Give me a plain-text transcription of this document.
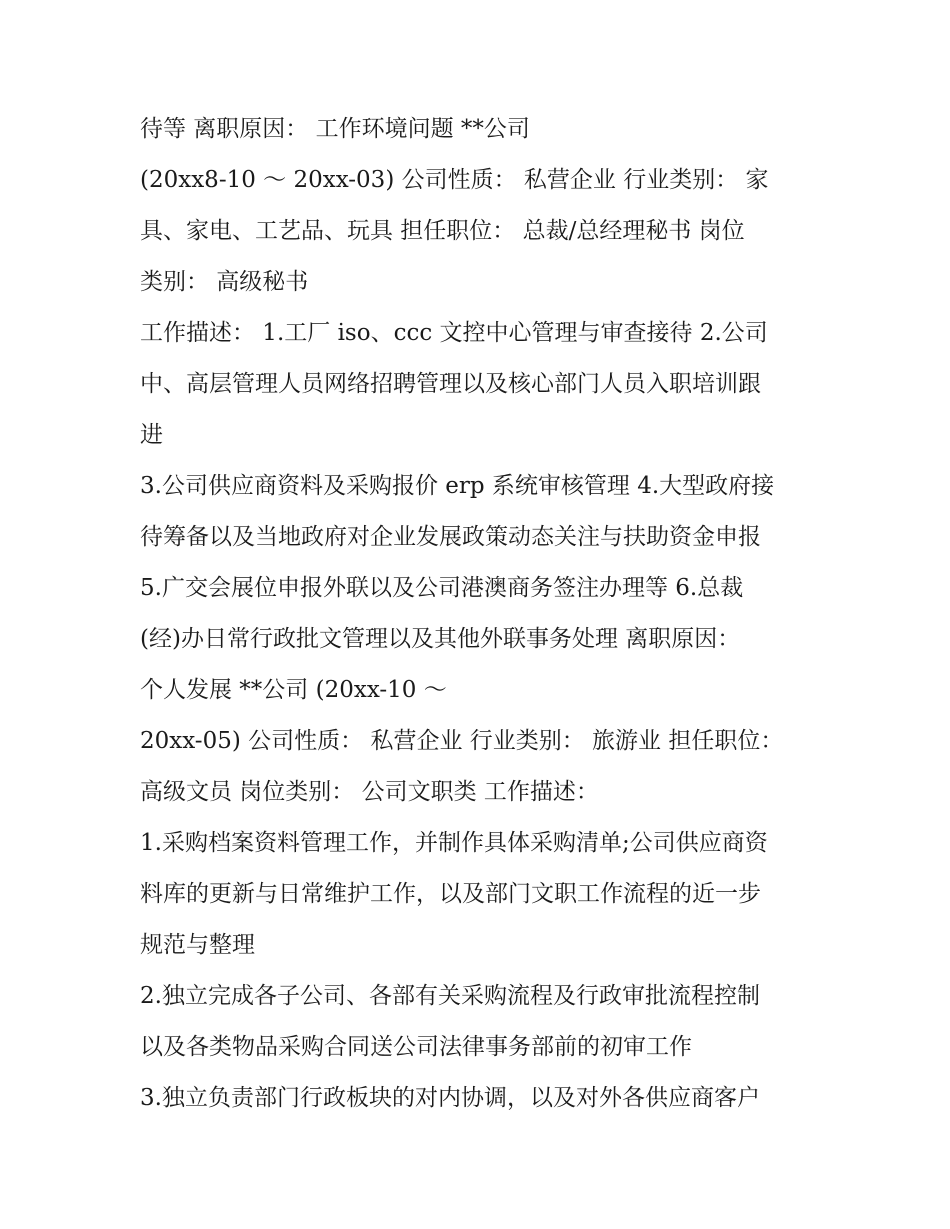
待等 离职原因： 工作环境问题 **公司
(20xx8-10 ～ 20xx-03) 公司性质： 私营企业 行业类别： 家
具、家电、工艺品、玩具 担任职位： 总裁/总经理秘书 岗位
类别： 高级秘书
工作描述： 1.工厂 iso、ccc 文控中心管理与审查接待 2.公司
中、高层管理人员网络招聘管理以及核心部门人员入职培训跟
进
3.公司供应商资料及采购报价 erp 系统审核管理 4.大型政府接
待筹备以及当地政府对企业发展政策动态关注与扶助资金申报
5.广交会展位申报外联以及公司港澳商务签注办理等 6.总裁
(经)办日常行政批文管理以及其他外联事务处理 离职原因：
个人发展 **公司 (20xx-10 ～
20xx-05) 公司性质： 私营企业 行业类别： 旅游业 担任职位：
高级文员 岗位类别： 公司文职类 工作描述：
1.采购档案资料管理工作，并制作具体采购清单;公司供应商资
料库的更新与日常维护工作，以及部门文职工作流程的近一步
规范与整理
2.独立完成各子公司、各部有关采购流程及行政审批流程控制
以及各类物品采购合同送公司法律事务部前的初审工作
3.独立负责部门行政板块的对内协调，以及对外各供应商客户
